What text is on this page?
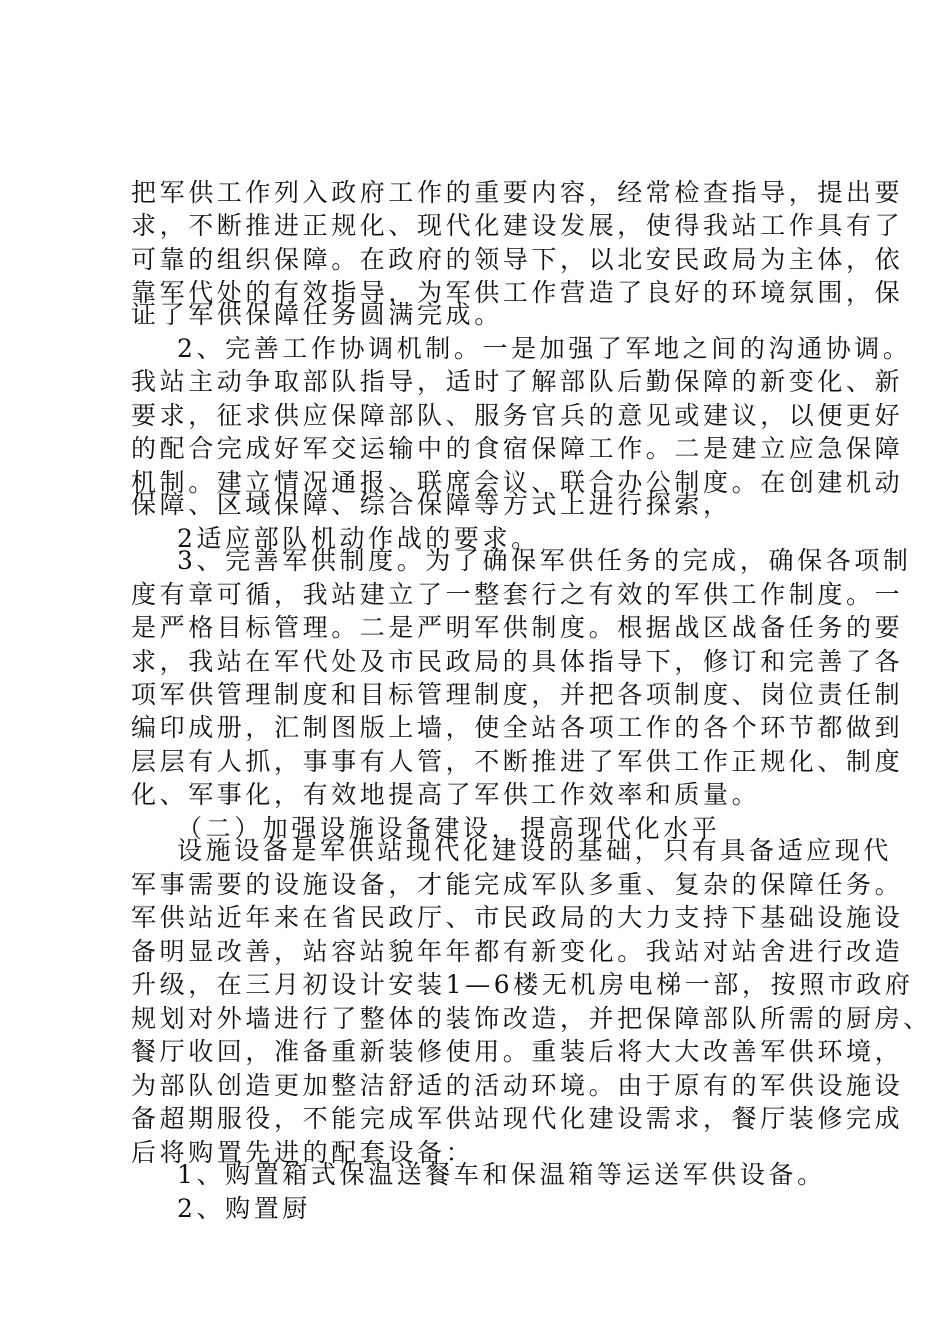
把军供工作列入政府工作的重要内容，经常检查指导，提出要
求，不断推进正规化、现代化建设发展，使得我站工作具有了
可靠的组织保障。在政府的领导下，以北安民政局为主体，依
靠军代处的有效指导，为军供工作营造了良好的环境氛围，保
证了军供保障任务圆满完成。
2、完善工作协调机制。一是加强了军地之间的沟通协调。
我站主动争取部队指导，适时了解部队后勤保障的新变化、新
要求，征求供应保障部队、服务官兵的意见或建议，以便更好
的配合完成好军交运输中的食宿保障工作。二是建立应急保障
机制。建立情况通报、联席会议、联合办公制度。在创建机动
保障、区域保障、综合保障等方式上进行探索，
2适应部队机动作战的要求。
3、完善军供制度。为了确保军供任务的完成，确保各项制
度有章可循，我站建立了一整套行之有效的军供工作制度。一
是严格目标管理。二是严明军供制度。根据战区战备任务的要
求，我站在军代处及市民政局的具体指导下，修订和完善了各
项军供管理制度和目标管理制度，并把各项制度、岗位责任制
编印成册，汇制图版上墙，使全站各项工作的各个环节都做到
层层有人抓，事事有人管，不断推进了军供工作正规化、制度
化、军事化，有效地提高了军供工作效率和质量。
（二）加强设施设备建设，提高现代化水平
设施设备是军供站现代化建设的基础，只有具备适应现代
军事需要的设施设备，才能完成军队多重、复杂的保障任务。
军供站近年来在省民政厅、市民政局的大力支持下基础设施设
备明显改善，站容站貌年年都有新变化。我站对站舍进行改造
升级，在三月初设计安装1—6楼无机房电梯一部，按照市政府
规划对外墙进行了整体的装饰改造，并把保障部队所需的厨房、
餐厅收回，准备重新装修使用。重装后将大大改善军供环境，
为部队创造更加整洁舒适的活动环境。由于原有的军供设施设
备超期服役，不能完成军供站现代化建设需求，餐厅装修完成
后将购置先进的配套设备：
1、购置箱式保温送餐车和保温箱等运送军供设备。
2、购置厨
